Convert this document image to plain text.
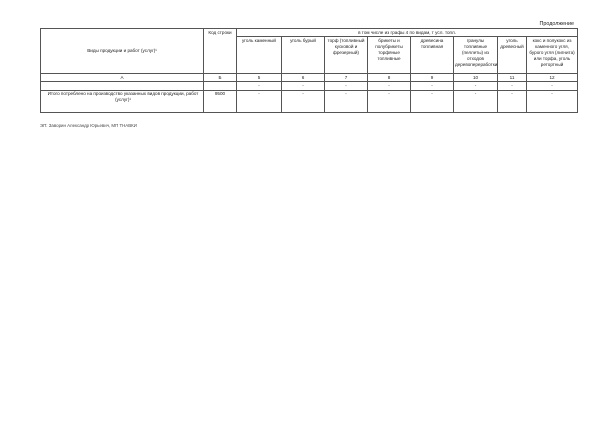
Продолжение
Виды продукции и работ (услуг)¹	Код строки	в том числе из графы 4 по видам, т усл. топл.							
		уголь каменный	уголь бурый	торф (топливный кусковой и фрезерный)	брикеты и полубрикеты торфяные топливные	древесина топливная	гранулы топливные (пеллеты) из отходов деревопереработки	уголь древесный	кокс и полукокс из каменного угля, бурого угля (лигнита) или торфа, уголь ретортный
А	Б	5	6	7	8	9	10	11	12
		-	-	-	-	-	-	-	-
Итого потреблено на производство указанных видов продукции, работ (услуг)¹	9500	-	-	-	-	-	-	-	-
ЭП: Заворин Александр Юрьевич, МП ТНАВКИ
